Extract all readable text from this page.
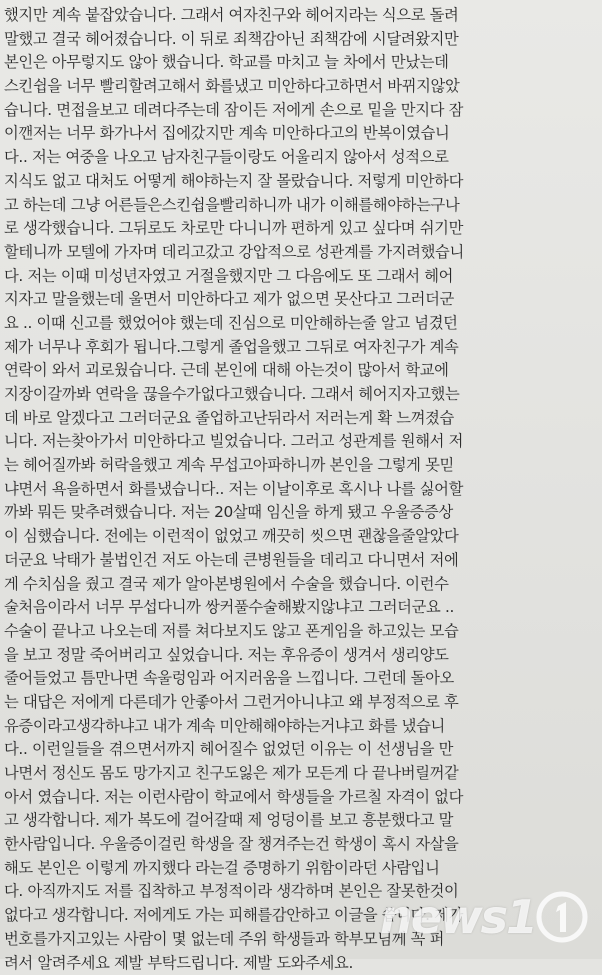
했지만 계속 붙잡았습니다. 그래서 여자친구와 헤어지라는 식으로 돌려
말했고 결국 헤어졌습니다. 이 뒤로 죄책감아닌 죄책감에 시달려왔지만
본인은 아무렇지도 않아 했습니다. 학교를 마치고 늘 차에서 만났는데
스킨쉽을 너무 빨리할려고해서 화를냈고 미안하다고하면서 바뀌지않았
습니다. 면접을보고 데려다주는데 잠이든 저에게 손으로 밑을 만지다 잠
이깬저는 너무 화가나서 집에갔지만 계속 미안하다고의 반복이였습니
다.. 저는 여중을 나오고 남자친구들이랑도 어울리지 않아서 성적으로
지식도 없고 대처도 어떻게 해야하는지 잘 몰랐습니다. 저렇게 미안하다
고 하는데 그냥 어른들은스킨쉽을빨리하니까 내가 이해를해야하는구나
로 생각했습니다. 그뒤로도 차로만 다니니까 편하게 있고 싶다며 쉬기만
할테니까 모텔에 가자며 데리고갔고 강압적으로 성관계를 가지려했습니
다. 저는 이때 미성년자였고 거절을했지만 그 다음에도 또 그래서 헤어
지자고 말을했는데 울면서 미안하다고 제가 없으면 못산다고 그러더군
요 .. 이때 신고를 했었어야 했는데 진심으로 미안해하는줄 알고 넘겼던
제가 너무나 후회가 됩니다.그렇게 졸업을했고 그뒤로 여자친구가 계속
연락이 와서 괴로웠습니다. 근데 본인에 대해 아는것이 많아서 학교에
지장이갈까봐 연락을 끊을수가없다고했습니다. 그래서 헤어지자고했는
데 바로 알겠다고 그러더군요 졸업하고난뒤라서 저러는게 확 느껴졌습
니다. 저는찾아가서 미안하다고 빌었습니다. 그러고 성관계를 원해서 저
는 헤어질까봐 허락을했고 계속 무섭고아파하니까 본인을 그렇게 못믿
냐면서 욕을하면서 화를냈습니다.. 저는 이날이후로 혹시나 나를 싫어할
까봐 뭐든 맞추려했습니다. 저는 20살때 임신을 하게 됐고 우울증증상
이 심했습니다. 전에는 이런적이 없었고 깨끗히 씻으면 괜찮을줄알았다
더군요 낙태가 불법인건 저도 아는데 큰병원들을 데리고 다니면서 저에
게 수치심을 줬고 결국 제가 알아본병원에서 수술을 했습니다. 이런수
술처음이라서 너무 무섭다니까 쌍커풀수술해봤지않냐고 그러더군요 ..
수술이 끝나고 나오는데 저를 쳐다보지도 않고 폰게임을 하고있는 모습
을 보고 정말 죽어버리고 싶었습니다. 저는 후유증이 생겨서 생리양도
줄어들었고 틈만나면 속울렁임과 어지러움을 느낍니다. 그런데 돌아오
는 대답은 저에게 다른데가 안좋아서 그런거아니냐고 왜 부정적으로 후
유증이라고생각하냐고 내가 계속 미안해해야하는거냐고 화를 냈습니
다.. 이런일들을 겪으면서까지 헤어질수 없었던 이유는 이 선생님을 만
나면서 정신도 몸도 망가지고 친구도잃은 제가 모든게 다 끝나버릴꺼같
아서 였습니다. 저는 이런사람이 학교에서 학생들을 가르칠 자격이 없다
고 생각합니다. 제가 복도에 걸어갈때 제 엉덩이를 보고 흥분했다고 말
한사람입니다. 우울증이걸린 학생을 잘 챙겨주는건 학생이 혹시 자살을
해도 본인은 이렇게 까지했다 라는걸 증명하기 위함이라던 사람입니
다. 아직까지도 저를 집착하고 부정적이라 생각하며 본인은 잘못한것이
없다고 생각합니다. 저에게도 가는 피해를감안하고 이글을 씁니다. 제가
번호를가지고있는 사람이 몇 없는데 주위 학생들과 학부모님께 꼭 퍼
려서 알려주세요 제발 부탁드립니다. 제발 도와주세요.
news1
